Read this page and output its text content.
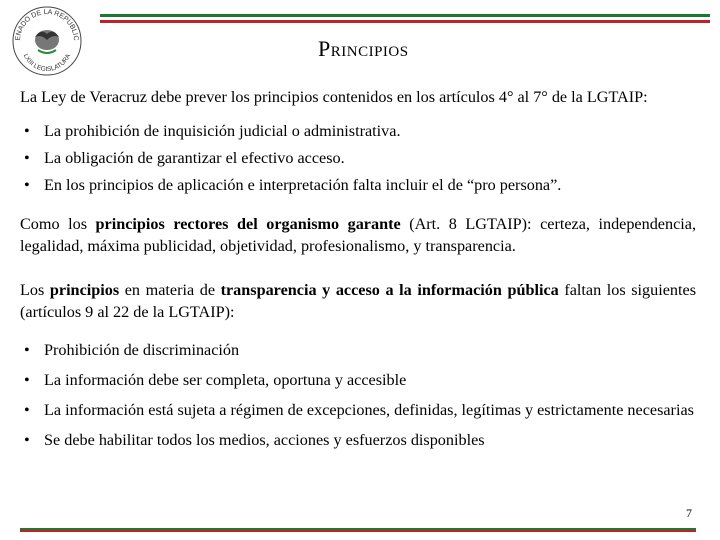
ENADO DE LA REPUBLIC
LXIII LEGISLATURA	Principios

La Ley de Veracruz debe prever los principios contenidos en los artículos 4° al 7° de la LGTAIP:

• La prohibición de inquisición judicial o administrativa.
• La obligación de garantizar el efectivo acceso.
• En los principios de aplicación e interpretación falta incluir el de “pro persona”.

Como los principios rectores del organismo garante (Art. 8 LGTAIP): certeza, independencia, legalidad, máxima publicidad, objetividad, profesionalismo, y transparencia.

Los principios en materia de transparencia y acceso a la información pública faltan los siguientes (artículos 9 al 22 de la LGTAIP):

• Prohibición de discriminación
• La información debe ser completa, oportuna y accesible
• La información está sujeta a régimen de excepciones, definidas, legítimas y estrictamente necesarias
• Se debe habilitar todos los medios, acciones y esfuerzos disponibles
7
